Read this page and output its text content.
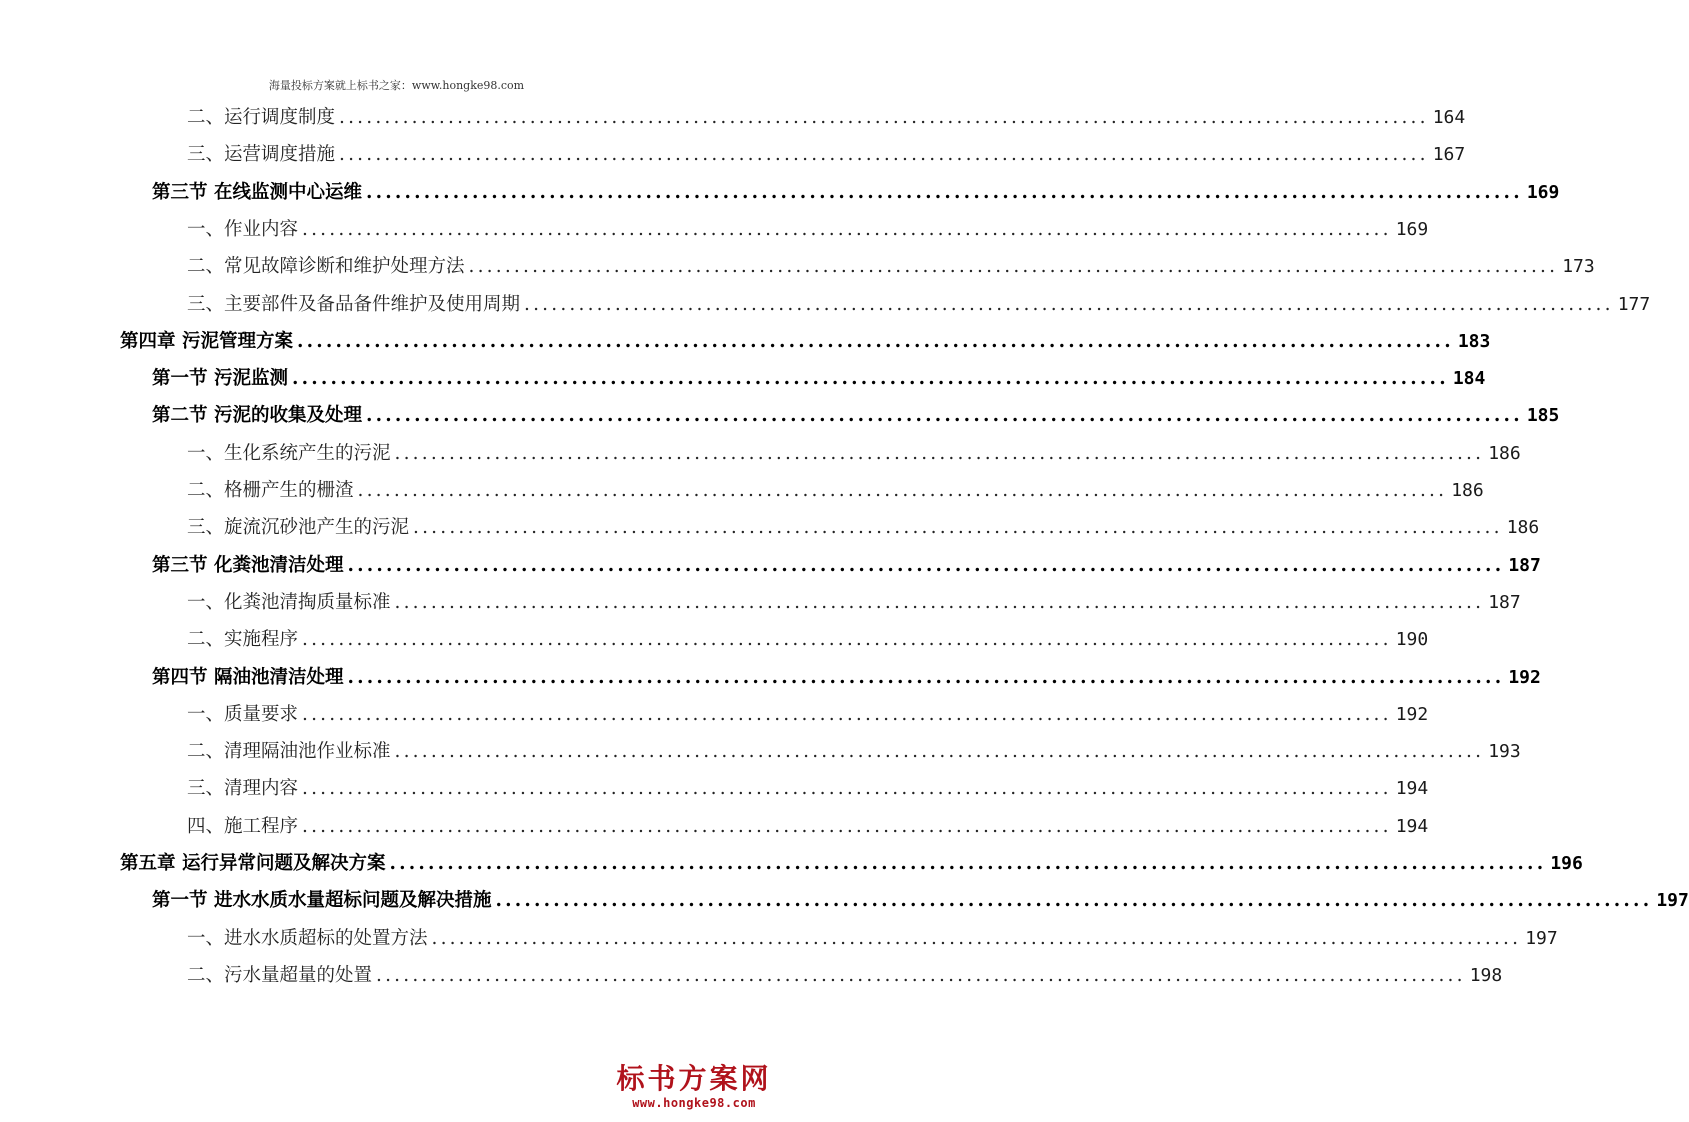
海量投标方案就上标书之家：www.hongke98.com
二、运行调度制度 ........................................................................................................................ 164
三、运营调度措施 ........................................................................................................................ 167
第三节 在线监测中心运维 ........................................................................................................................ 169
一、作业内容 ........................................................................................................................ 169
二、常见故障诊断和维护处理方法 ........................................................................................................................ 173
三、主要部件及备品备件维护及使用周期 ........................................................................................................................ 177
第四章 污泥管理方案 ........................................................................................................................ 183
第一节 污泥监测 ........................................................................................................................ 184
第二节 污泥的收集及处理 ........................................................................................................................ 185
一、生化系统产生的污泥 ........................................................................................................................ 186
二、格栅产生的栅渣 ........................................................................................................................ 186
三、旋流沉砂池产生的污泥 ........................................................................................................................ 186
第三节 化粪池清洁处理 ........................................................................................................................ 187
一、化粪池清掏质量标准 ........................................................................................................................ 187
二、实施程序 ........................................................................................................................ 190
第四节 隔油池清洁处理 ........................................................................................................................ 192
一、质量要求 ........................................................................................................................ 192
二、清理隔油池作业标准 ........................................................................................................................ 193
三、清理内容 ........................................................................................................................ 194
四、施工程序 ........................................................................................................................ 194
第五章 运行异常问题及解决方案 ........................................................................................................................ 196
第一节 进水水质水量超标问题及解决措施 ........................................................................................................................ 197
一、进水水质超标的处置方法 ........................................................................................................................ 197
二、污水量超量的处置 ........................................................................................................................ 198
标书方案网
www.hongke98.com
